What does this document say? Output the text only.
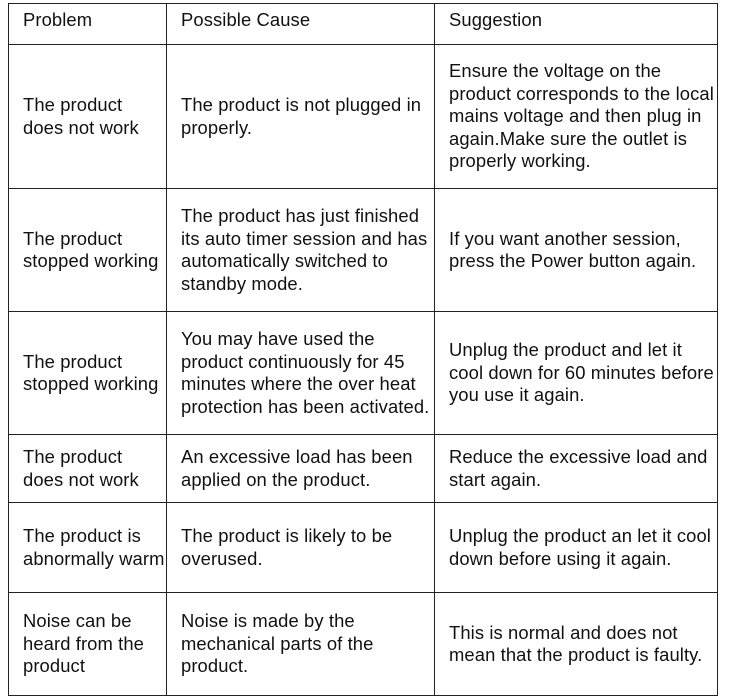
Problem	Possible Cause	Suggestion
The product does not work	The product is not plugged in properly.	Ensure the voltage on the product corresponds to the local mains voltage and then plug in again.Make sure the outlet is properly working.
The product stopped working	The product has just finished its auto timer session and has automatically switched to standby mode.	If you want another session, press the Power button again.
The product stopped working	You may have used the product continuously for 45 minutes where the over heat protection has been activated.	Unplug the product and let it cool down for 60 minutes before you use it again.
The product does not work	An excessive load has been applied on the product.	Reduce the excessive load and start again.
The product is abnormally warm	The product is likely to be overused.	Unplug the product an let it cool down before using it again.
Noise can be heard from the product	Noise is made by the mechanical parts of the product.	This is normal and does not mean that the product is faulty.
